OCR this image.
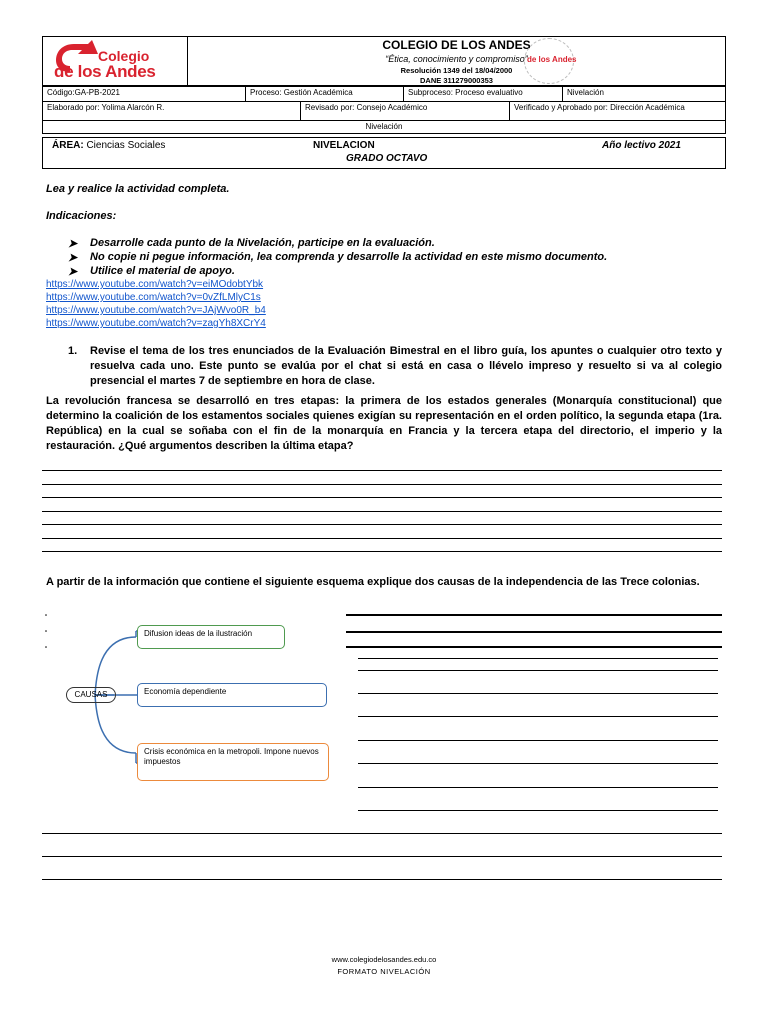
Colegio
de los Andes
COLEGIO DE LOS ANDES
“Ética, conocimiento y compromiso”
Resolución 1349 del 18/04/2000
DANE 311279000353
de los Andes
Código:GA-PB-2021	Proceso: Gestión Académica	Subproceso: Proceso evaluativo	Nivelación
Elaborado por: Yolima Alarcón R.	Revisado por: Consejo Académico	Verificado y Aprobado por: Dirección Académica
Nivelación
ÁREA: Ciencias Sociales	NIVELACION	Año lectivo 2021
GRADO OCTAVO
Lea y realice la actividad completa.
Indicaciones:
➤ Desarrolle cada punto de la Nivelación, participe en la evaluación.
➤ No copie ni pegue información, lea comprenda y desarrolle la actividad en este mismo documento.
➤ Utilice el material de apoyo.
https://www.youtube.com/watch?v=eiMOdobtYbk
https://www.youtube.com/watch?v=0vZfLMlyC1s
https://www.youtube.com/watch?v=JAjWvo0R_b4
https://www.youtube.com/watch?v=zagYh8XCrY4
1. Revise el tema de los tres enunciados de la Evaluación Bimestral en el libro guía, los apuntes o cualquier otro texto y resuelva cada uno. Este punto se evalúa por el chat si está en casa o llévelo impreso y resuelto si va al colegio presencial el martes 7 de septiembre en hora de clase.
La revolución francesa se desarrolló en tres etapas: la primera de los estados generales (Monarquía constitucional) que determino la coalición de los estamentos sociales quienes exigían su representación en el orden político, la segunda etapa (1ra. República) en la cual se soñaba con el fin de la monarquía en Francia y la tercera etapa del directorio, el imperio y la restauración. ¿Qué argumentos describen la última etapa?
A partir de la información que contiene el siguiente esquema explique dos causas de la independencia de las Trece colonias.
CAUSAS
Difusion ideas de la ilustración
Economía dependiente
Crisis económica en la metropoli. Impone nuevos impuestos
www.colegiodelosandes.edu.co
FORMATO NIVELACIÓN
